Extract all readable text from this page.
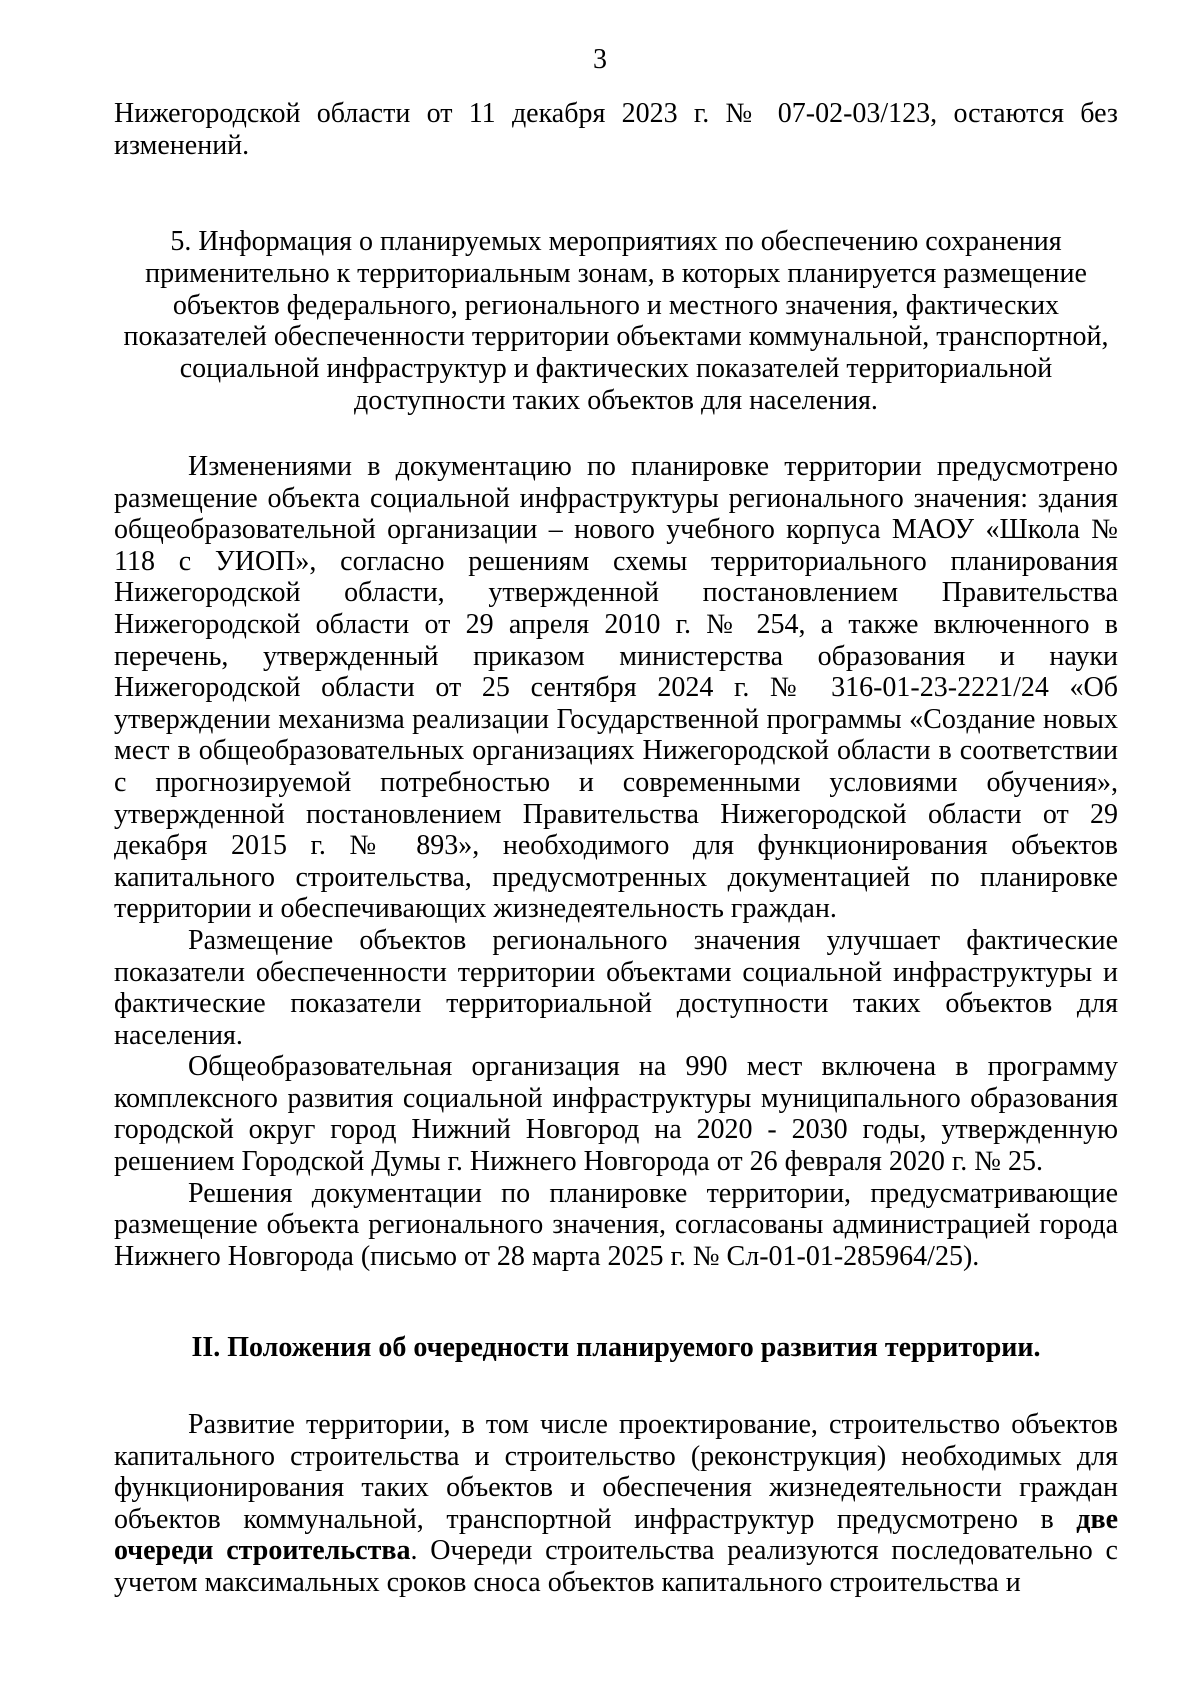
3

Нижегородской области от 11 декабря 2023 г. № 07-02-03/123, остаются без изменений.

5. Информация о планируемых мероприятиях по обеспечению сохранения применительно к территориальным зонам, в которых планируется размещение объектов федерального, регионального и местного значения, фактических показателей обеспеченности территории объектами коммунальной, транспортной, социальной инфраструктур и фактических показателей территориальной доступности таких объектов для населения.

Изменениями в документацию по планировке территории предусмотрено размещение объекта социальной инфраструктуры регионального значения: здания общеобразовательной организации – нового учебного корпуса МАОУ «Школа № 118 с УИОП», согласно решениям схемы территориального планирования Нижегородской области, утвержденной постановлением Правительства Нижегородской области от 29 апреля 2010 г. № 254, а также включенного в перечень, утвержденный приказом министерства образования и науки Нижегородской области от 25 сентября 2024 г. № 316-01-23-2221/24 «Об утверждении механизма реализации Государственной программы «Создание новых мест в общеобразовательных организациях Нижегородской области в соответствии с прогнозируемой потребностью и современными условиями обучения», утвержденной постановлением Правительства Нижегородской области от 29 декабря 2015 г. № 893», необходимого для функционирования объектов капитального строительства, предусмотренных документацией по планировке территории и обеспечивающих жизнедеятельность граждан.

Размещение объектов регионального значения улучшает фактические показатели обеспеченности территории объектами социальной инфраструктуры и фактические показатели территориальной доступности таких объектов для населения.

Общеобразовательная организация на 990 мест включена в программу комплексного развития социальной инфраструктуры муниципального образования городской округ город Нижний Новгород на 2020 - 2030 годы, утвержденную решением Городской Думы г. Нижнего Новгорода от 26 февраля 2020 г. № 25.

Решения документации по планировке территории, предусматривающие размещение объекта регионального значения, согласованы администрацией города Нижнего Новгорода (письмо от 28 марта 2025 г. № Сл-01-01-285964/25).

II. Положения об очередности планируемого развития территории.

Развитие территории, в том числе проектирование, строительство объектов капитального строительства и строительство (реконструкция) необходимых для функционирования таких объектов и обеспечения жизнедеятельности граждан объектов коммунальной, транспортной инфраструктур предусмотрено в две очереди строительства. Очереди строительства реализуются последовательно с учетом максимальных сроков сноса объектов капитального строительства и
